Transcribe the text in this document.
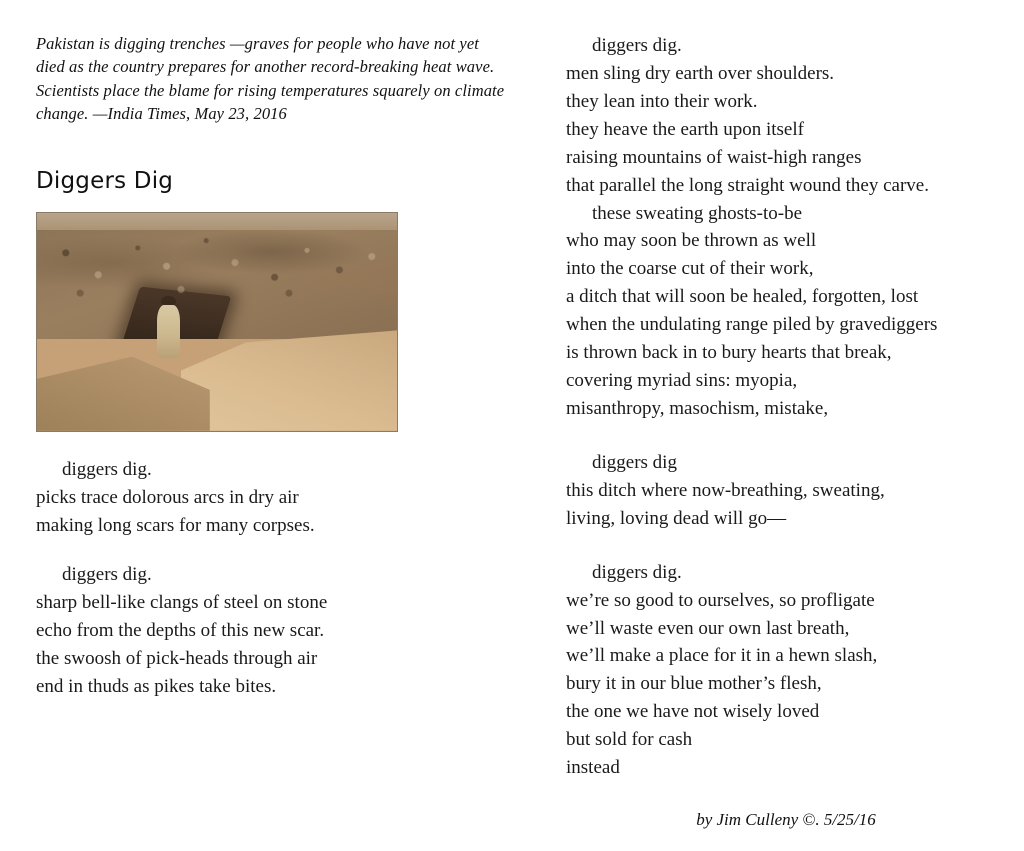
Pakistan is digging trenches —graves for people who have not yet died as the country prepares for another record-breaking heat wave. Scientists place the blame for rising temperatures squarely on climate change. —India Times, May 23, 2016
Diggers Dig
diggers dig.
picks trace dolorous arcs in dry air
making long scars for many corpses.
diggers dig.
sharp bell-like clangs of steel on stone
echo from the depths of this new scar.
the swoosh of pick-heads through air
end in thuds as pikes take bites.
diggers dig.
men sling dry earth over shoulders.
they lean into their work.
they heave the earth upon itself
raising mountains of waist-high ranges
that parallel the long straight wound they carve.
these sweating ghosts-to-be
who may soon be thrown as well
into the coarse cut of their work,
a ditch that will soon be healed, forgotten, lost
when the undulating range piled by gravediggers
is thrown back in to bury hearts that break,
covering myriad sins: myopia,
misanthropy, masochism, mistake,
diggers dig
this ditch where now-breathing, sweating,
living, loving dead will go—
diggers dig.
we’re so good to ourselves, so profligate
we’ll waste even our own last breath,
we’ll make a place for it in a hewn slash,
bury it in our blue mother’s flesh,
the one we have not wisely loved
but sold for cash
instead
by Jim Culleny ©. 5/25/16
